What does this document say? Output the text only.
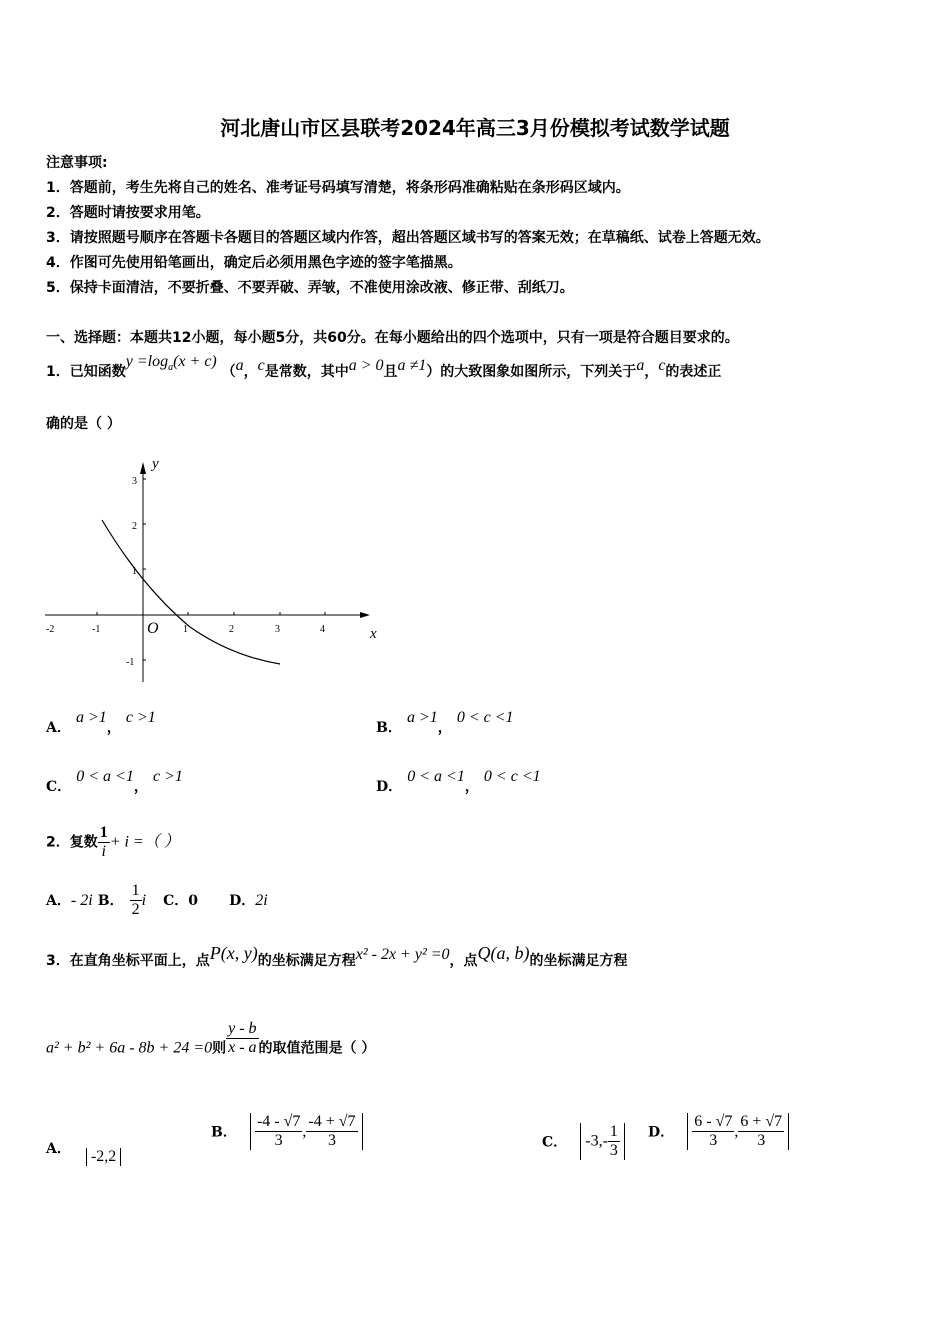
河北唐山市区县联考2024年高三3月份模拟考试数学试题
注意事项:
1．答题前，考生先将自己的姓名、准考证号码填写清楚，将条形码准确粘贴在条形码区域内。
2．答题时请按要求用笔。
3．请按照题号顺序在答题卡各题目的答题区域内作答，超出答题区域书写的答案无效；在草稿纸、试卷上答题无效。
4．作图可先使用铅笔画出，确定后必须用黑色字迹的签字笔描黑。
5．保持卡面清洁，不要折叠、不要弄破、弄皱，不准使用涂改液、修正带、刮纸刀。
一、选择题：本题共12小题，每小题5分，共60分。在每小题给出的四个选项中，只有一项是符合题目要求的。
1．已知函数$y =\log_a(x + c)$ （a，c是常数，其中a > 0且a ≠1）的大致图象如图所示，下列关于a，c的表述正
确的是（ ）
y
x
O
-2	-1	1	2	3	4
3
2
1
-1
A． a >1， c >1
B． a >1， 0 < c <1
C． 0 < a <1， c >1
D． 0 < a <1， 0 < c <1
2．复数 $\frac{1}{i} + i$ =（ ）
A．- 2i B． $\frac{1}{2}$ i C．0 D．2i
3．在直角坐标平面上，点P(x, y)的坐标满足方程x² - 2x + y² =0，点Q(a, b)的坐标满足方程
a² + b² + 6a - 8b + 24 =0则 $\frac{y - b}{x - a}$ 的取值范围是（ ）
A． -2,2
B． $\frac{-4 - √7}{3}$ , $\frac{-4 + √7}{3}$	C． $-3,- \frac{1}{3}$ D． $\frac{6 - √7}{3}$ , $\frac{6 + √7}{3}$
